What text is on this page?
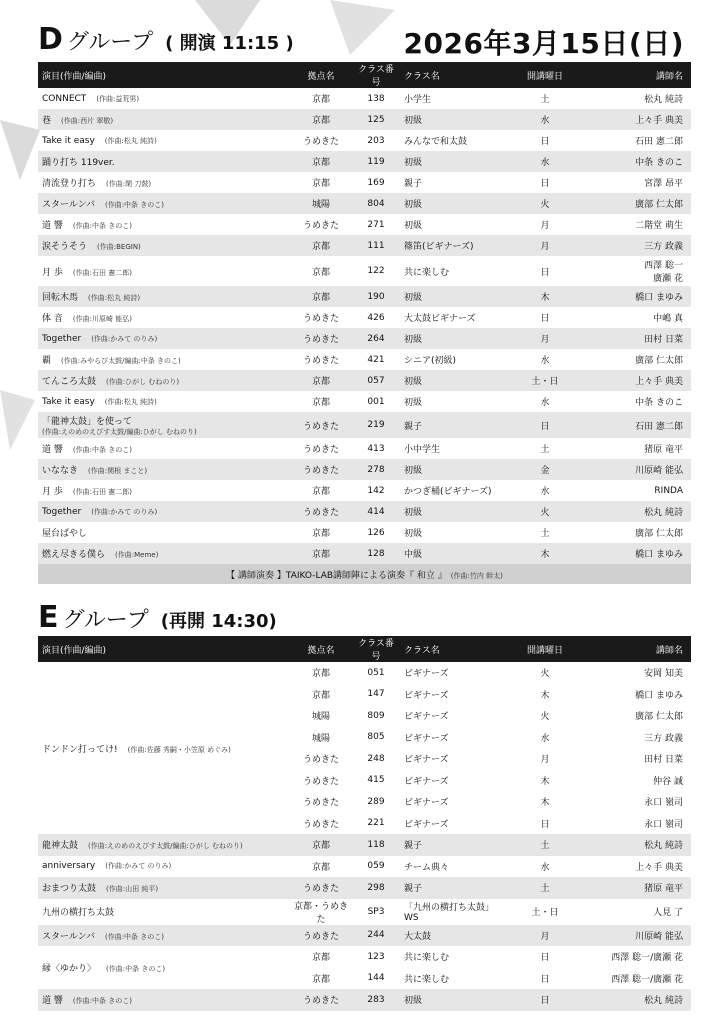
D グループ ( 開演 11:15 )	2026年3月15日(日)
演目(作曲/編曲)	拠点名	クラス番号	クラス名	開講曜日	講師名
CONNECT (作曲:益荒男)	京都	138	小学生	土	松丸 純詩
巷 (作曲:西片 翠敬)	京都	125	初級	水	上々手 典美
Take it easy (作曲:松丸 純詩)	うめきた	203	みんなで和太鼓	日	石田 憲二郎
踊り打ち 119ver.	京都	119	初級	水	中条 きのこ
清流登り打ち (作曲:閑 刀鼓)	京都	169	親子	日	宮澤 昂平
スタールンバ (作曲:中条 きのこ)	城陽	804	初級	火	廣部 仁太郎
道 響 (作曲:中条 きのこ)	うめきた	271	初級	月	二階堂 萌生
涙そうそう (作曲:BEGIN)	京都	111	篠笛(ビギナーズ)	月	三方 政義
月 歩 (作曲:石田 憲二郎)	京都	122	共に楽しむ	日	西澤 聡一
廣瀬 花
回転木馬 (作曲:松丸 純詩)	京都	190	初級	木	橋口 まゆみ
体 音 (作曲:川原崎 能弘)	うめきた	426	大太鼓ビギナーズ	日	中嶋 真
Together (作曲:かみて のりみ)	うめきた	264	初級	月	田村 日菜
覇 (作曲:みやらび太鼓/編曲:中条 きのこ)	うめきた	421	シニア(初級)	水	廣部 仁太郎
てんころ太鼓 (作曲:ひがし むねのり)	京都	057	初級	土・日	上々手 典美
Take it easy (作曲:松丸 純詩)	京都	001	初級	水	中条 きのこ
「龍神太鼓」を使って
(作曲:えのめのえびす太鼓/編曲:ひがし むねのり)	うめきた	219	親子	日	石田 憲二郎
道 響 (作曲:中条 きのこ)	うめきた	413	小中学生	土	猪原 竜平
いななき (作曲:関根 まこと)	うめきた	278	初級	金	川原崎 能弘
月 歩 (作曲:石田 憲二郎)	京都	142	かつぎ桶(ビギナーズ)	水	RINDA
Together (作曲:かみて のりみ)	うめきた	414	初級	火	松丸 純詩
屋台ばやし	京都	126	初級	土	廣部 仁太郎
燃え尽きる僕ら (作曲:Meme)	京都	128	中級	木	橋口 まゆみ
【 講師演奏 】TAIKO-LAB講師陣による演奏『 和立 』 (作曲:竹内 幹太)					
E グループ (再開 14:30)
演目(作曲/編曲)	拠点名	クラス番号	クラス名	開講曜日	講師名
ドンドン打ってけ! (作曲:佐藤 秀嗣・小笠原 めぐみ)	京都	051	ビギナーズ	火	安岡 知美
	京都	147	ビギナーズ	木	橋口 まゆみ
	城陽	809	ビギナーズ	火	廣部 仁太郎
	城陽	805	ビギナーズ	水	三方 政義
	うめきた	248	ビギナーズ	月	田村 日菜
	うめきた	415	ビギナーズ	木	仲谷 誠
	うめきた	289	ビギナーズ	木	永口 嶺司
	うめきた	221	ビギナーズ	日	永口 嶺司
龍神太鼓 (作曲:えのめのえびす太鼓/編曲:ひがし むねのり)	京都	118	親子	土	松丸 純詩
anniversary (作曲:かみて のりみ)	京都	059	チーム典々	水	上々手 典美
おまつり太鼓 (作曲:山田 純平)	うめきた	298	親子	土	猪原 竜平
九州の横打ち太鼓	京都・うめきた	SP3	「九州の横打ち太鼓」WS	土・日	人見 了
スタールンバ (作曲:中条 きのこ)	うめきた	244	大太鼓	月	川原崎 能弘
縁〈ゆかり〉 (作曲:中条 きのこ)	京都	123	共に楽しむ	日	西澤 聡一/廣瀬 花
	京都	144	共に楽しむ	日	西澤 聡一/廣瀬 花
道 響 (作曲:中条 きのこ)	うめきた	283	初級	日	松丸 純詩
